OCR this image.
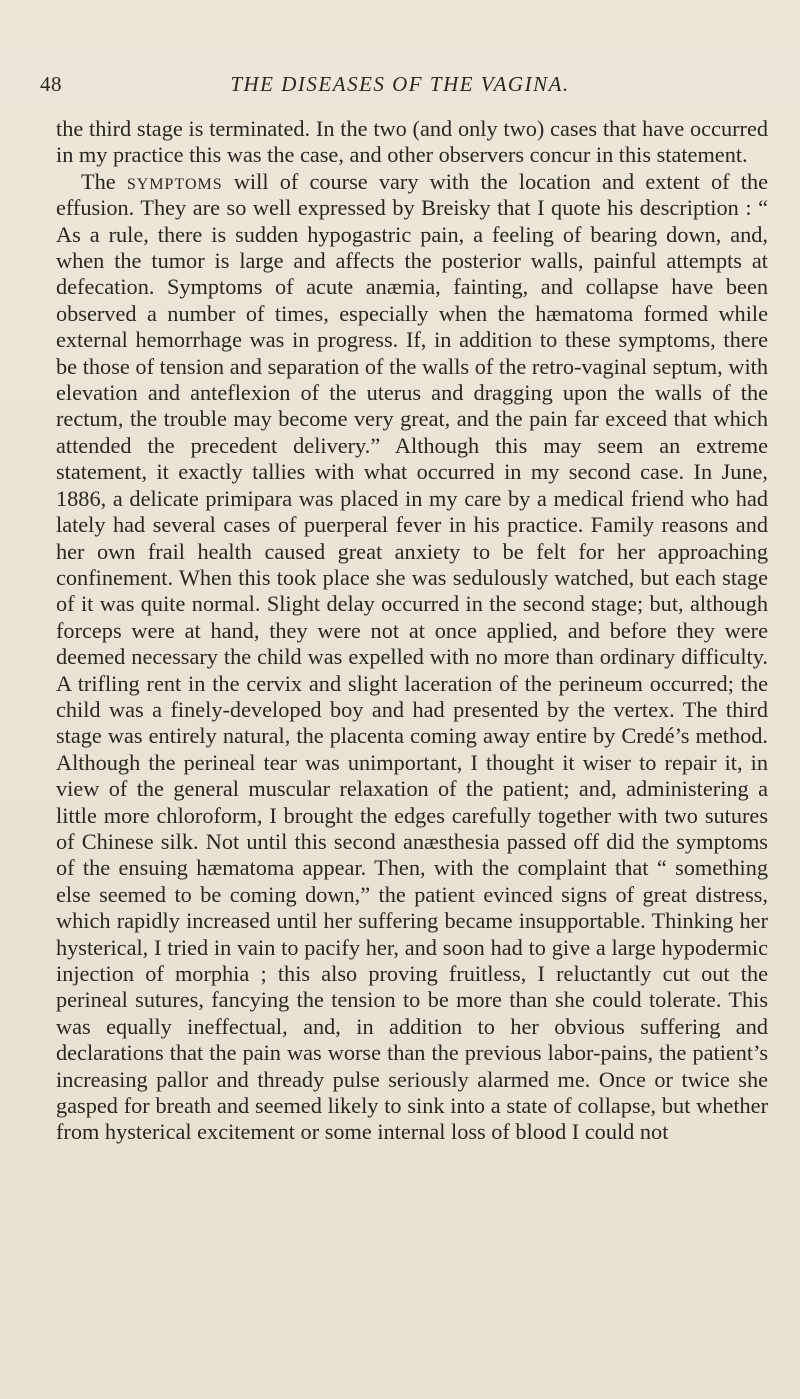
48	THE DISEASES OF THE VAGINA.

the third stage is terminated. In the two (and only two) cases that have occurred in my practice this was the case, and other observers concur in this statement.

The symptoms will of course vary with the location and extent of the effusion. They are so well expressed by Breisky that I quote his description : “ As a rule, there is sudden hypogastric pain, a feeling of bearing down, and, when the tumor is large and affects the posterior walls, painful attempts at defecation. Symptoms of acute anæmia, fainting, and collapse have been observed a number of times, especially when the hæmatoma formed while external hemorrhage was in progress. If, in addition to these symptoms, there be those of tension and separation of the walls of the retro-vaginal septum, with elevation and anteflexion of the uterus and dragging upon the walls of the rectum, the trouble may become very great, and the pain far exceed that which attended the precedent delivery.” Although this may seem an extreme statement, it exactly tallies with what occurred in my second case. In June, 1886, a delicate primipara was placed in my care by a medical friend who had lately had several cases of puerperal fever in his practice. Family reasons and her own frail health caused great anxiety to be felt for her approaching confinement. When this took place she was sedulously watched, but each stage of it was quite normal. Slight delay occurred in the second stage; but, although forceps were at hand, they were not at once applied, and before they were deemed necessary the child was expelled with no more than ordinary difficulty. A trifling rent in the cervix and slight laceration of the perineum occurred; the child was a finely-developed boy and had presented by the vertex. The third stage was entirely natural, the placenta coming away entire by Credé’s method. Although the perineal tear was unimportant, I thought it wiser to repair it, in view of the general muscular relaxation of the patient; and, administering a little more chloroform, I brought the edges carefully together with two sutures of Chinese silk. Not until this second anæsthesia passed off did the symptoms of the ensuing hæmatoma appear. Then, with the complaint that “ something else seemed to be coming down,” the patient evinced signs of great distress, which rapidly increased until her suffering became insupportable. Thinking her hysterical, I tried in vain to pacify her, and soon had to give a large hypodermic injection of morphia ; this also proving fruitless, I reluctantly cut out the perineal sutures, fancying the tension to be more than she could tolerate. This was equally ineffectual, and, in addition to her obvious suffering and declarations that the pain was worse than the previous labor-pains, the patient’s increasing pallor and thready pulse seriously alarmed me. Once or twice she gasped for breath and seemed likely to sink into a state of collapse, but whether from hysterical excitement or some internal loss of blood I could not
